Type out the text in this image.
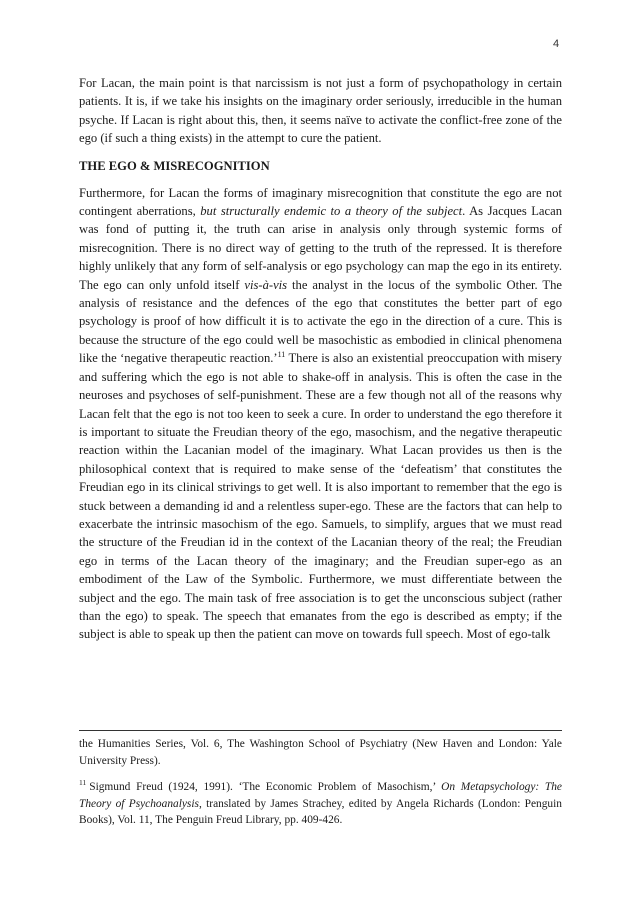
4

For Lacan, the main point is that narcissism is not just a form of psychopathology in certain patients. It is, if we take his insights on the imaginary order seriously, irreducible in the human psyche. If Lacan is right about this, then, it seems naïve to activate the conflict-free zone of the ego (if such a thing exists) in the attempt to cure the patient.

THE EGO & MISRECOGNITION

Furthermore, for Lacan the forms of imaginary misrecognition that constitute the ego are not contingent aberrations, but structurally endemic to a theory of the subject. As Jacques Lacan was fond of putting it, the truth can arise in analysis only through systemic forms of misrecognition. There is no direct way of getting to the truth of the repressed. It is therefore highly unlikely that any form of self-analysis or ego psychology can map the ego in its entirety. The ego can only unfold itself vis-à-vis the analyst in the locus of the symbolic Other. The analysis of resistance and the defences of the ego that constitutes the better part of ego psychology is proof of how difficult it is to activate the ego in the direction of a cure. This is because the structure of the ego could well be masochistic as embodied in clinical phenomena like the ‘negative therapeutic reaction.’$^{11}$ There is also an existential preoccupation with misery and suffering which the ego is not able to shake-off in analysis. This is often the case in the neuroses and psychoses of self-punishment. These are a few though not all of the reasons why Lacan felt that the ego is not too keen to seek a cure. In order to understand the ego therefore it is important to situate the Freudian theory of the ego, masochism, and the negative therapeutic reaction within the Lacanian model of the imaginary. What Lacan provides us then is the philosophical context that is required to make sense of the ‘defeatism’ that constitutes the Freudian ego in its clinical strivings to get well. It is also important to remember that the ego is stuck between a demanding id and a relentless super-ego. These are the factors that can help to exacerbate the intrinsic masochism of the ego. Samuels, to simplify, argues that we must read the structure of the Freudian id in the context of the Lacanian theory of the real; the Freudian ego in terms of the Lacan theory of the imaginary; and the Freudian super-ego as an embodiment of the Law of the Symbolic. Furthermore, we must differentiate between the subject and the ego. The main task of free association is to get the unconscious subject (rather than the ego) to speak. The speech that emanates from the ego is described as empty; if the subject is able to speak up then the patient can move on towards full speech. Most of ego-talk

the Humanities Series, Vol. 6, The Washington School of Psychiatry (New Haven and London: Yale University Press).

$^{11}$ Sigmund Freud (1924, 1991). ‘The Economic Problem of Masochism,’ On Metapsychology: The Theory of Psychoanalysis, translated by James Strachey, edited by Angela Richards (London: Penguin Books), Vol. 11, The Penguin Freud Library, pp. 409-426.
